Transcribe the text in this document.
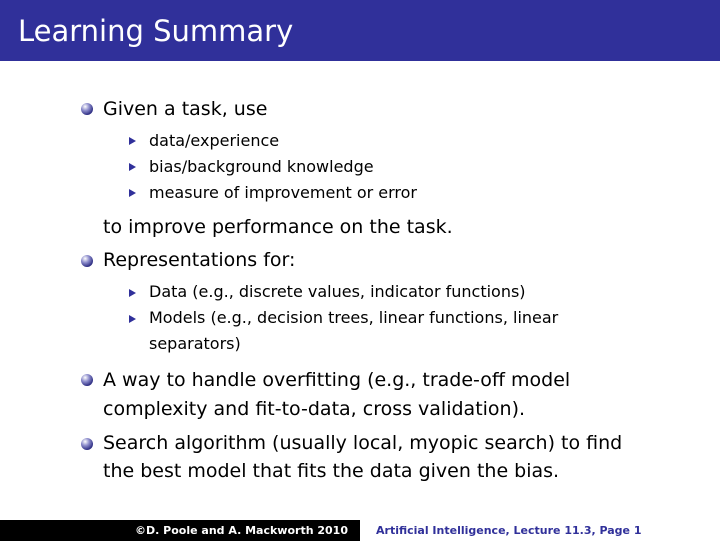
Learning Summary
Given a task, use
data/experience
bias/background knowledge
measure of improvement or error
to improve performance on the task.
Representations for:
Data (e.g., discrete values, indicator functions)
Models (e.g., decision trees, linear functions, linear
separators)
A way to handle overfitting (e.g., trade-off model
complexity and fit-to-data, cross validation).
Search algorithm (usually local, myopic search) to find
the best model that fits the data given the bias.
©D. Poole and A. Mackworth 2010	Artificial Intelligence, Lecture 11.3, Page 1
